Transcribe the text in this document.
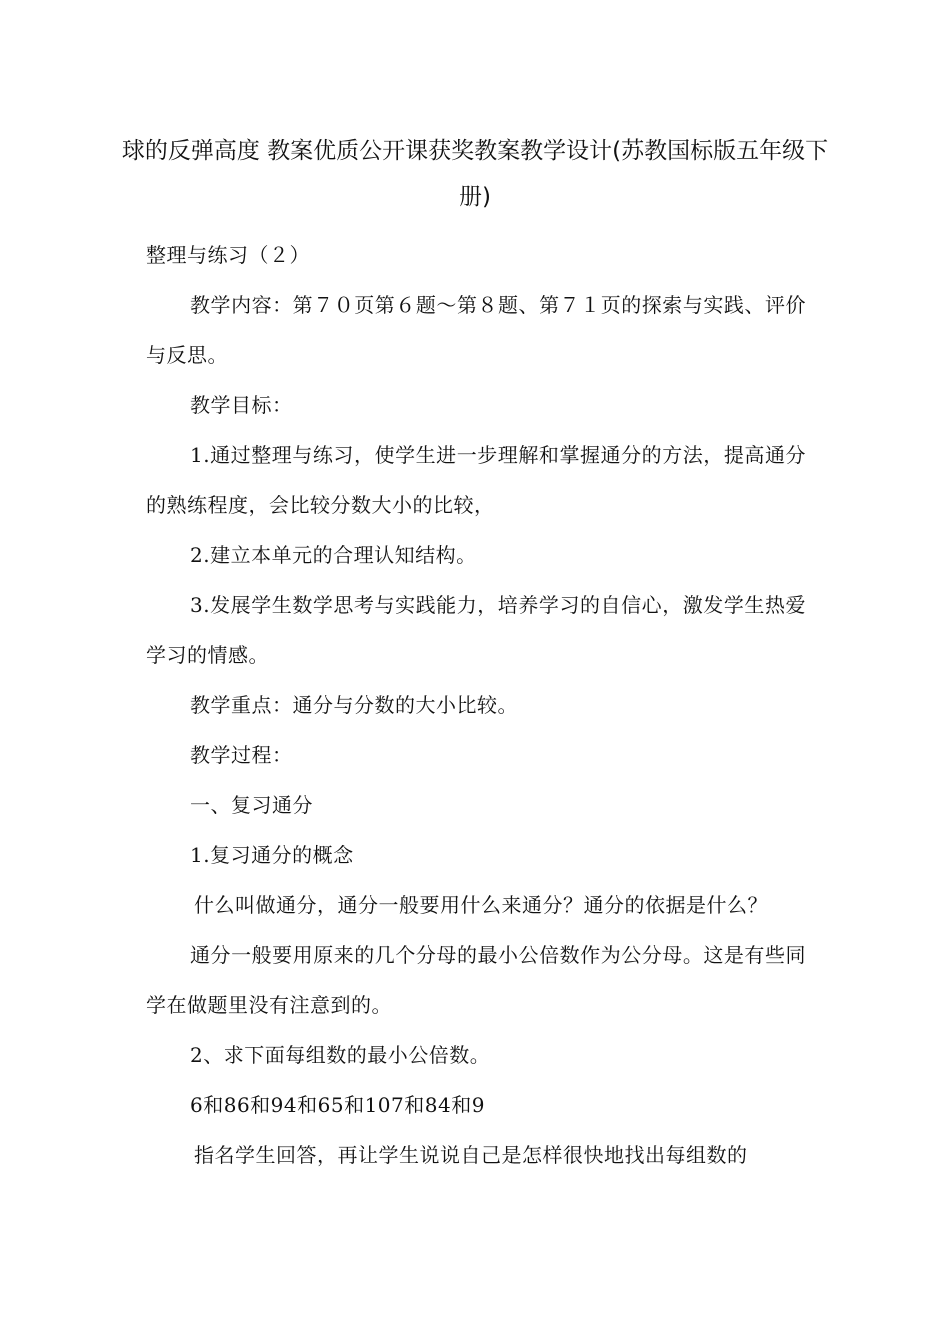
球的反弹高度 教案优质公开课获奖教案教学设计(苏教国标版五年级下册)

整理与练习（２）

教学内容：第７０页第６题～第８题、第７１页的探索与实践、评价与反思。

教学目标：

1.通过整理与练习，使学生进一步理解和掌握通分的方法，提高通分的熟练程度，会比较分数大小的比较，

2.建立本单元的合理认知结构。

3.发展学生数学思考与实践能力，培养学习的自信心，激发学生热爱学习的情感。

教学重点：通分与分数的大小比较。

教学过程：

一、复习通分

1.复习通分的概念

什么叫做通分，通分一般要用什么来通分？通分的依据是什么？

通分一般要用原来的几个分母的最小公倍数作为公分母。这是有些同学在做题里没有注意到的。

2、求下面每组数的最小公倍数。

6和86和94和65和107和84和9

指名学生回答，再让学生说说自己是怎样很快地找出每组数的
